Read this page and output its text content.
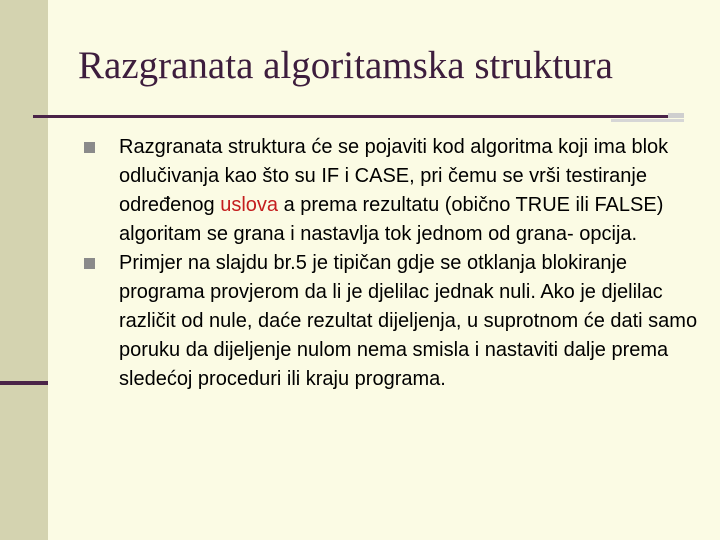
Razgranata algoritamska struktura
Razgranata struktura će se pojaviti kod algoritma koji ima blok odlučivanja kao što su IF i CASE, pri čemu se vrši testiranje određenog uslova a prema rezultatu (obično TRUE ili FALSE) algoritam se grana i nastavlja tok jednom od grana- opcija.
Primjer na slajdu br.5 je tipičan gdje se otklanja blokiranje programa provjerom da li je djelilac jednak nuli. Ako je djelilac različit od nule, daće rezultat dijeljenja, u suprotnom će dati samo poruku da dijeljenje nulom nema smisla i nastaviti dalje prema sledećoj proceduri ili kraju programa.
